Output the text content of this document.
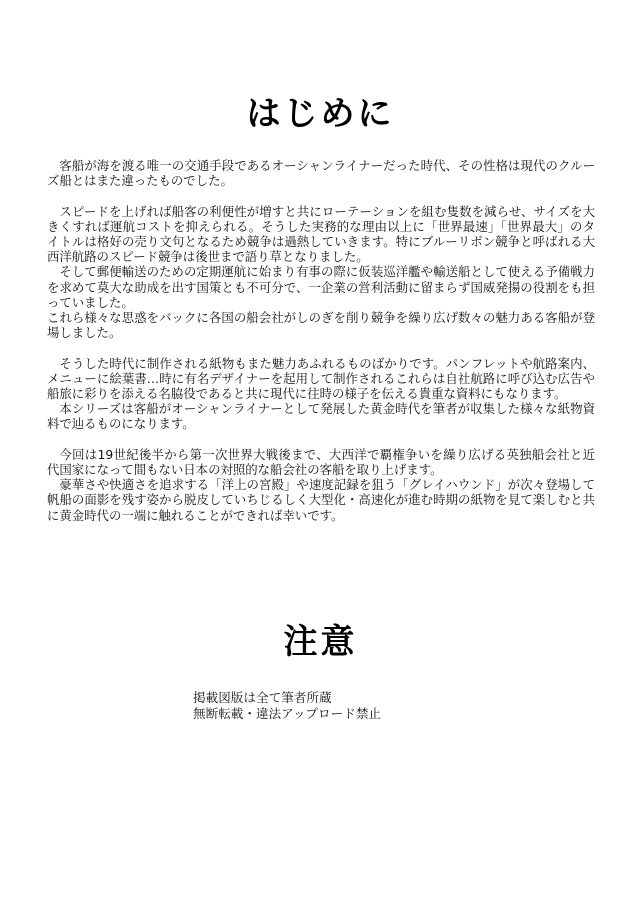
はじめに

客船が海を渡る唯一の交通手段であるオーシャンライナーだった時代、その性格は現代のクルーズ船とはまた違ったものでした。

スピードを上げれば船客の利便性が増すと共にローテーションを組む隻数を減らせ、サイズを大きくすれば運航コストを抑えられる。そうした実務的な理由以上に「世界最速」「世界最大」のタイトルは格好の売り文句となるため競争は過熱していきます。特にブルーリボン競争と呼ばれる大西洋航路のスピード競争は後世まで語り草となりました。

そして郵便輸送のための定期運航に始まり有事の際に仮装巡洋艦や輸送船として使える予備戦力を求めて莫大な助成を出す国策とも不可分で、一企業の営利活動に留まらず国威発揚の役割をも担っていました。

これら様々な思惑をバックに各国の船会社がしのぎを削り競争を繰り広げ数々の魅力ある客船が登場しました。

そうした時代に制作される紙物もまた魅力あふれるものばかりです。パンフレットや航路案内、メニューに絵葉書…時に有名デザイナーを起用して制作されるこれらは自社航路に呼び込む広告や船旅に彩りを添える名脇役であると共に現代に往時の様子を伝える貴重な資料にもなります。

本シリーズは客船がオーシャンライナーとして発展した黄金時代を筆者が収集した様々な紙物資料で辿るものになります。

今回は19世紀後半から第一次世界大戦後まで、大西洋で覇権争いを繰り広げる英独船会社と近代国家になって間もない日本の対照的な船会社の客船を取り上げます。

豪華さや快適さを追求する「洋上の宮殿」や速度記録を狙う「グレイハウンド」が次々登場して帆船の面影を残す姿から脱皮していちじるしく大型化・高速化が進む時期の紙物を見て楽しむと共に黄金時代の一端に触れることができれば幸いです。

注意
掲載図版は全て筆者所蔵
無断転載・違法アップロード禁止
